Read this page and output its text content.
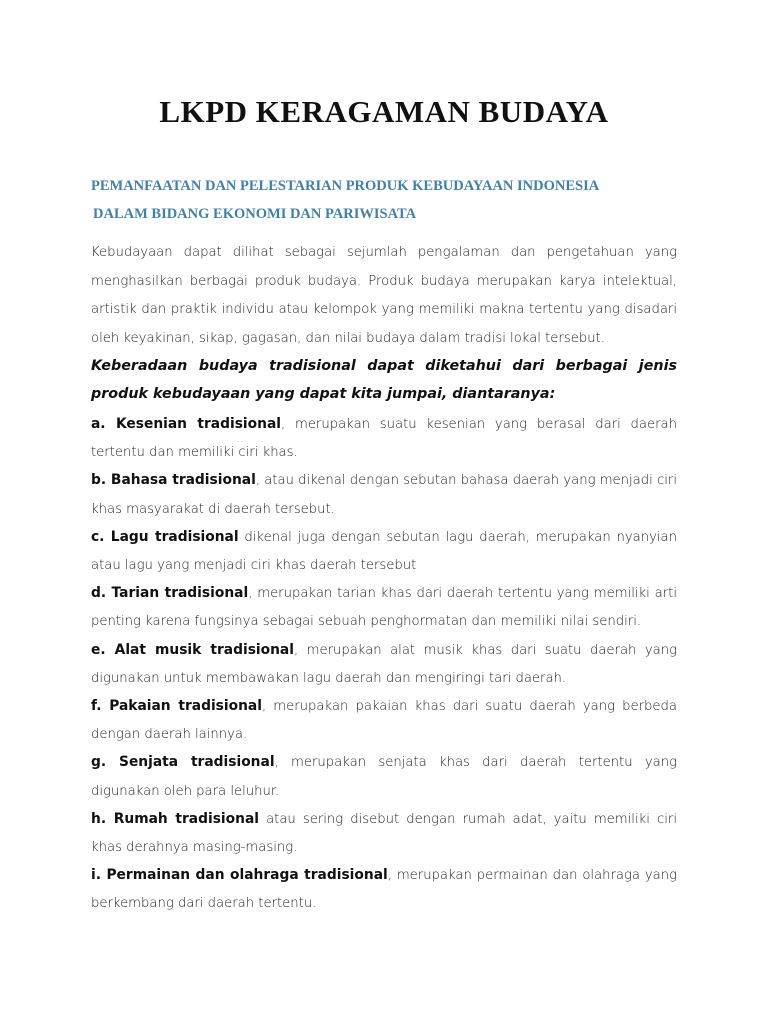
LKPD KERAGAMAN BUDAYA
PEMANFAATAN DAN PELESTARIAN PRODUK KEBUDAYAAN INDONESIA
DALAM BIDANG EKONOMI DAN PARIWISATA

Kebudayaan dapat dilihat sebagai sejumlah pengalaman dan pengetahuan yang menghasilkan berbagai produk budaya. Produk budaya merupakan karya intelektual, artistik dan praktik individu atau kelompok yang memiliki makna tertentu yang disadari oleh keyakinan, sikap, gagasan, dan nilai budaya dalam tradisi lokal tersebut.

Keberadaan budaya tradisional dapat diketahui dari berbagai jenis produk kebudayaan yang dapat kita jumpai, diantaranya:

a. Kesenian tradisional, merupakan suatu kesenian yang berasal dari daerah tertentu dan memiliki ciri khas.
b. Bahasa tradisional, atau dikenal dengan sebutan bahasa daerah yang menjadi ciri khas masyarakat di daerah tersebut.
c. Lagu tradisional dikenal juga dengan sebutan lagu daerah, merupakan nyanyian atau lagu yang menjadi ciri khas daerah tersebut
d. Tarian tradisional, merupakan tarian khas dari daerah tertentu yang memiliki arti penting karena fungsinya sebagai sebuah penghormatan dan memiliki nilai sendiri.
e. Alat musik tradisional, merupakan alat musik khas dari suatu daerah yang digunakan untuk membawakan lagu daerah dan mengiringi tari daerah.
f. Pakaian tradisional, merupakan pakaian khas dari suatu daerah yang berbeda dengan daerah lainnya.
g. Senjata tradisional, merupakan senjata khas dari daerah tertentu yang digunakan oleh para leluhur.
h. Rumah tradisional atau sering disebut dengan rumah adat, yaitu memiliki ciri khas derahnya masing-masing.
i. Permainan dan olahraga tradisional, merupakan permainan dan olahraga yang berkembang dari daerah tertentu.
